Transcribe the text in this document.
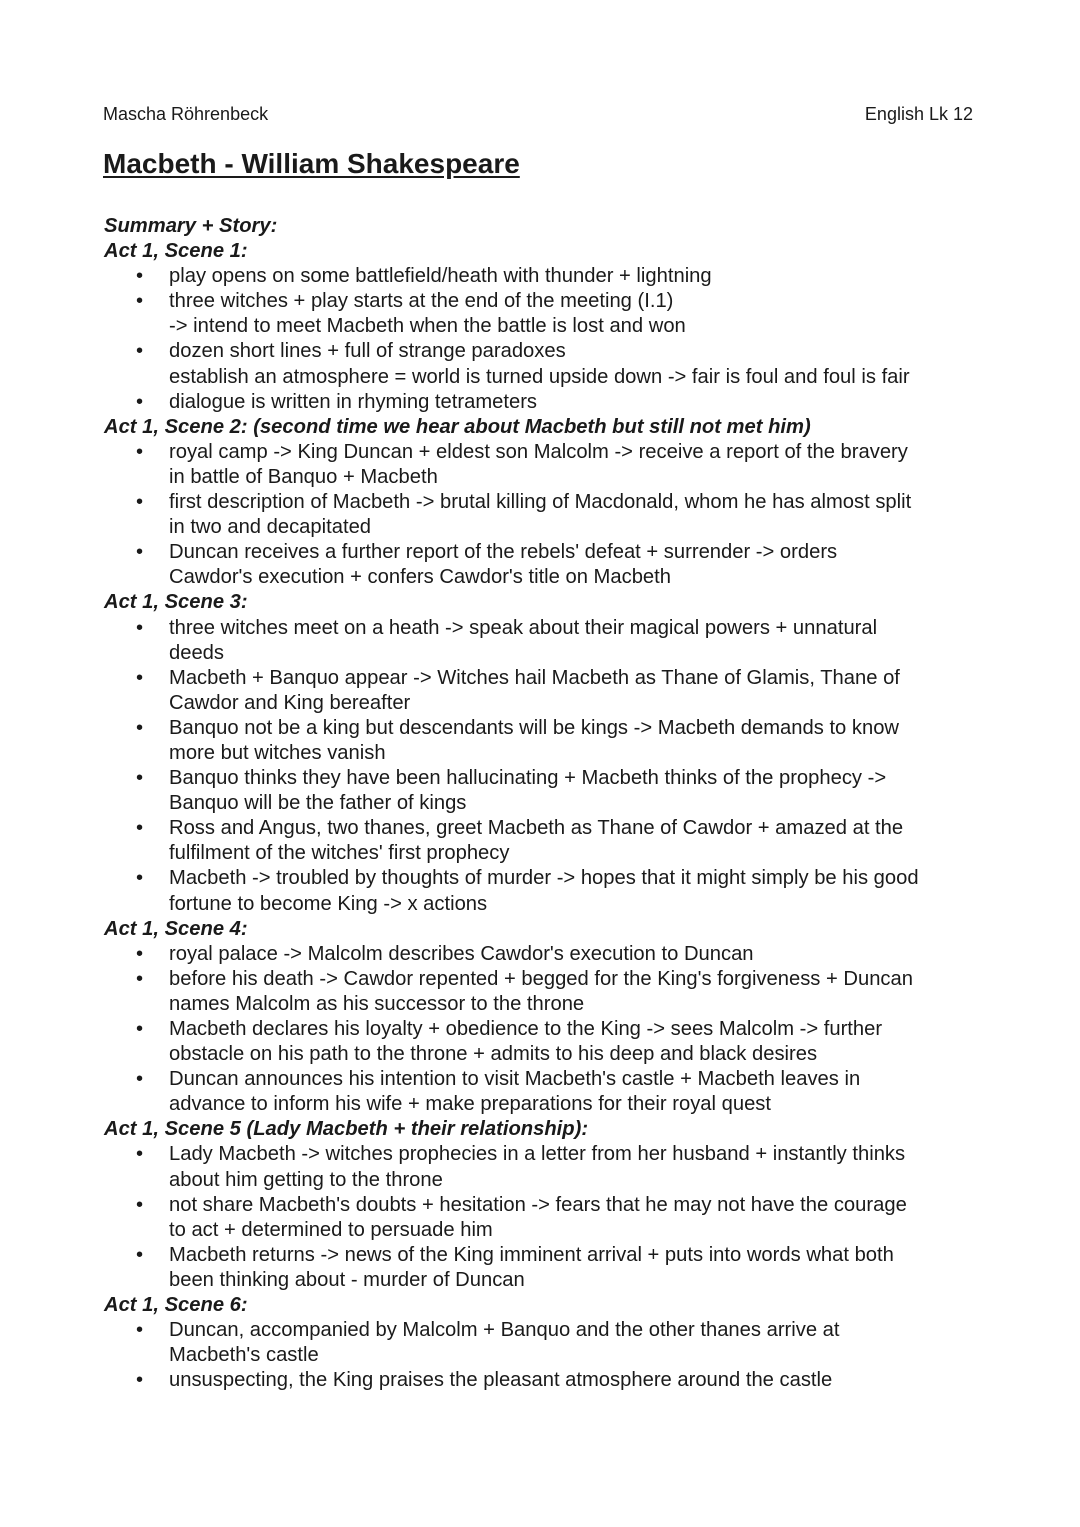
Mascha Röhrenbeck	English Lk 12
Macbeth - William Shakespeare
Summary + Story:
Act 1, Scene 1:
• play opens on some battlefield/heath with thunder + lightning
• three witches + play starts at the end of the meeting (I.1)
-> intend to meet Macbeth when the battle is lost and won
• dozen short lines + full of strange paradoxes
establish an atmosphere = world is turned upside down -> fair is foul and foul is fair
• dialogue is written in rhyming tetrameters
Act 1, Scene 2: (second time we hear about Macbeth but still not met him)
• royal camp -> King Duncan + eldest son Malcolm -> receive a report of the bravery
in battle of Banquo + Macbeth
• first description of Macbeth -> brutal killing of Macdonald, whom he has almost split
in two and decapitated
• Duncan receives a further report of the rebels' defeat + surrender -> orders
Cawdor's execution + confers Cawdor's title on Macbeth
Act 1, Scene 3:
• three witches meet on a heath -> speak about their magical powers + unnatural
deeds
• Macbeth + Banquo appear -> Witches hail Macbeth as Thane of Glamis, Thane of
Cawdor and King bereafter
• Banquo not be a king but descendants will be kings -> Macbeth demands to know
more but witches vanish
• Banquo thinks they have been hallucinating + Macbeth thinks of the prophecy ->
Banquo will be the father of kings
• Ross and Angus, two thanes, greet Macbeth as Thane of Cawdor + amazed at the
fulfilment of the witches' first prophecy
• Macbeth -> troubled by thoughts of murder -> hopes that it might simply be his good
fortune to become King -> x actions
Act 1, Scene 4:
• royal palace -> Malcolm describes Cawdor's execution to Duncan
• before his death -> Cawdor repented + begged for the King's forgiveness + Duncan
names Malcolm as his successor to the throne
• Macbeth declares his loyalty + obedience to the King -> sees Malcolm -> further
obstacle on his path to the throne + admits to his deep and black desires
• Duncan announces his intention to visit Macbeth's castle + Macbeth leaves in
advance to inform his wife + make preparations for their royal quest
Act 1, Scene 5 (Lady Macbeth + their relationship):
• Lady Macbeth -> witches prophecies in a letter from her husband + instantly thinks
about him getting to the throne
• not share Macbeth's doubts + hesitation -> fears that he may not have the courage
to act + determined to persuade him
• Macbeth returns -> news of the King imminent arrival + puts into words what both
been thinking about - murder of Duncan
Act 1, Scene 6:
• Duncan, accompanied by Malcolm + Banquo and the other thanes arrive at
Macbeth's castle
• unsuspecting, the King praises the pleasant atmosphere around the castle
